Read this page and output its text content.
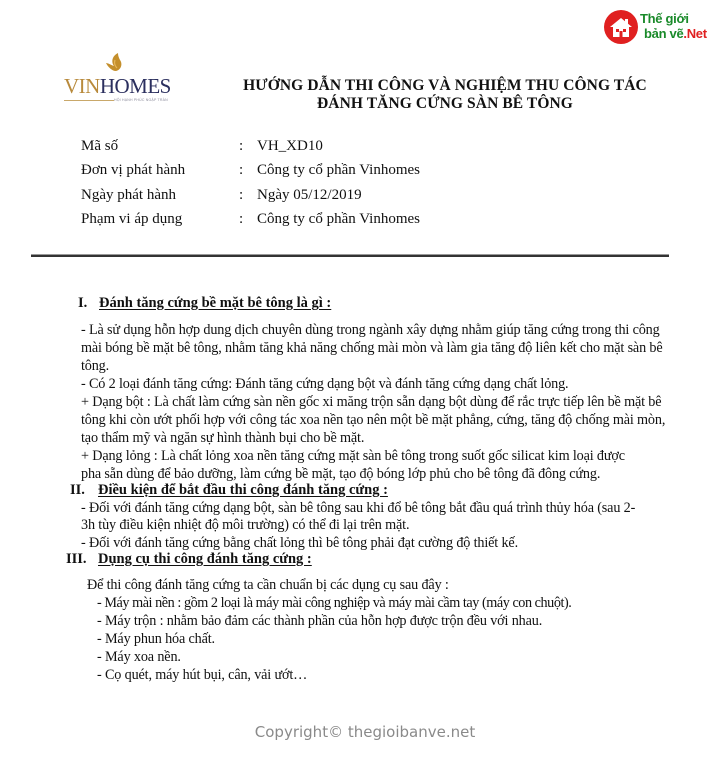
Thế giới
bản vẽ.Net
VINHOMES
HỘI HẠNH PHÚC NGẬP TRÀN
HƯỚNG DẪN THI CÔNG VÀ NGHIỆM THU CÔNG TÁC
ĐÁNH TĂNG CỨNG SÀN BÊ TÔNG
Mã số	: VH_XD10
Đơn vị phát hành	: Công ty cổ phần Vinhomes
Ngày phát hành	: Ngày 05/12/2019
Phạm vi áp dụng	: Công ty cổ phần Vinhomes
I. Đánh tăng cứng bề mặt bê tông là gì :
- Là sử dụng hỗn hợp dung dịch chuyên dùng trong ngành xây dựng nhằm giúp tăng cứng trong thi công
mài bóng bề mặt bê tông, nhằm tăng khả năng chống mài mòn và làm gia tăng độ liên kết cho mặt sàn bê
tông.
- Có 2 loại đánh tăng cứng: Đánh tăng cứng dạng bột và đánh tăng cứng dạng chất lỏng.
+ Dạng bột : Là chất làm cứng sàn nền gốc xi măng trộn sẵn dạng bột dùng để rắc trực tiếp lên bề mặt bê
tông khi còn ướt phối hợp với công tác xoa nền tạo nên một bề mặt phẳng, cứng, tăng độ chống mài mòn,
tạo thẩm mỹ và ngăn sự hình thành bụi cho bề mặt.
+ Dạng lỏng : Là chất lỏng xoa nền tăng cứng mặt sàn bê tông trong suốt gốc silicat kim loại được
pha sẵn dùng để bảo dưỡng, làm cứng bề mặt, tạo độ bóng lớp phủ cho bê tông đã đông cứng.
II. Điều kiện để bắt đầu thi công đánh tăng cứng :
- Đối với đánh tăng cứng dạng bột, sàn bê tông sau khi đổ bê tông bắt đầu quá trình thủy hóa (sau 2-
3h tùy điều kiện nhiệt độ môi trường) có thể đi lại trên mặt.
- Đối với đánh tăng cứng bằng chất lỏng thì bê tông phải đạt cường độ thiết kế.
III. Dụng cụ thi công đánh tăng cứng :
Để thi công đánh tăng cứng ta cần chuẩn bị các dụng cụ sau đây :
- Máy mài nền : gồm 2 loại là máy mài công nghiệp và máy mài cầm tay (máy con chuột).
- Máy trộn : nhằm bảo đảm các thành phần của hỗn hợp được trộn đều với nhau.
- Máy phun hóa chất.
- Máy xoa nền.
- Cọ quét, máy hút bụi, cân, vải ướt…
Copyright© thegioibanve.net
